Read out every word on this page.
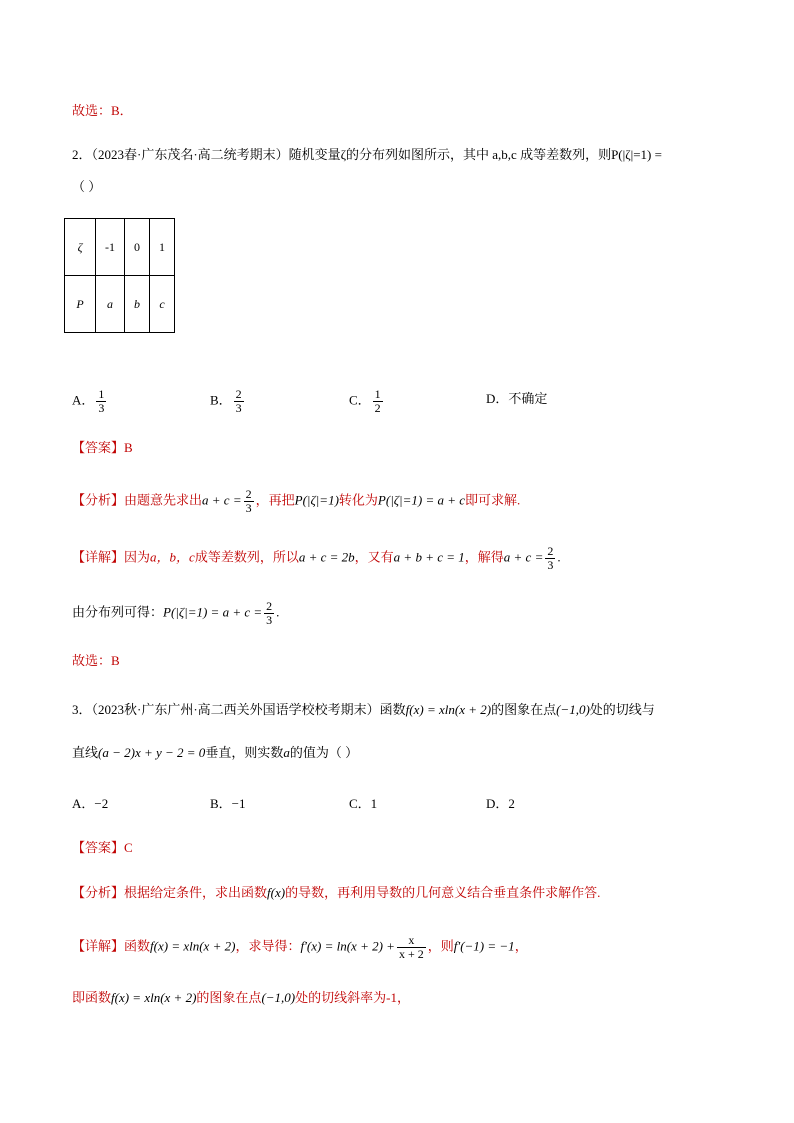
故选：B．
2．（2023春·广东茂名·高二统考期末）随机变量ζ的分布列如图所示，其中 a,b,c 成等差数列，则P(|ζ|=1) =
（ ）
ζ	-1	0	1
P	a	b	c
A． $\frac{1}{3}$	B． $\frac{2}{3}$	C． $\frac{1}{2}$	D．不确定
【答案】B
【分析】由题意先求出$a + c = \frac{2}{3}$ ，再把P(|ζ|=1)转化为P(|ζ|=1) = a + c即可求解.
【详解】因为a，b，c成等差数列，所以a + c = 2b，又有a + b + c = 1，解得$a + c = \frac{2}{3}$ .
由分布列可得：$P(|\zeta|=1) = a + c = \frac{2}{3}$ .
故选：B
3．（2023秋·广东广州·高二西关外国语学校校考期末）函数f(x) = xln(x + 2)的图象在点(−1,0)处的切线与
直线(a − 2)x + y − 2 = 0垂直，则实数a的值为（ ）
A．−2	B．−1	C．1	D．2
【答案】C
【分析】根据给定条件，求出函数f(x)的导数，再利用导数的几何意义结合垂直条件求解作答.
【详解】函数f(x) = xln(x + 2)，求导得：$f'(x) = \ln(x + 2) + \frac{x}{x + 2}$ ，则f′(−1) = −1，
即函数f(x) = xln(x + 2)的图象在点(−1,0)处的切线斜率为-1，
